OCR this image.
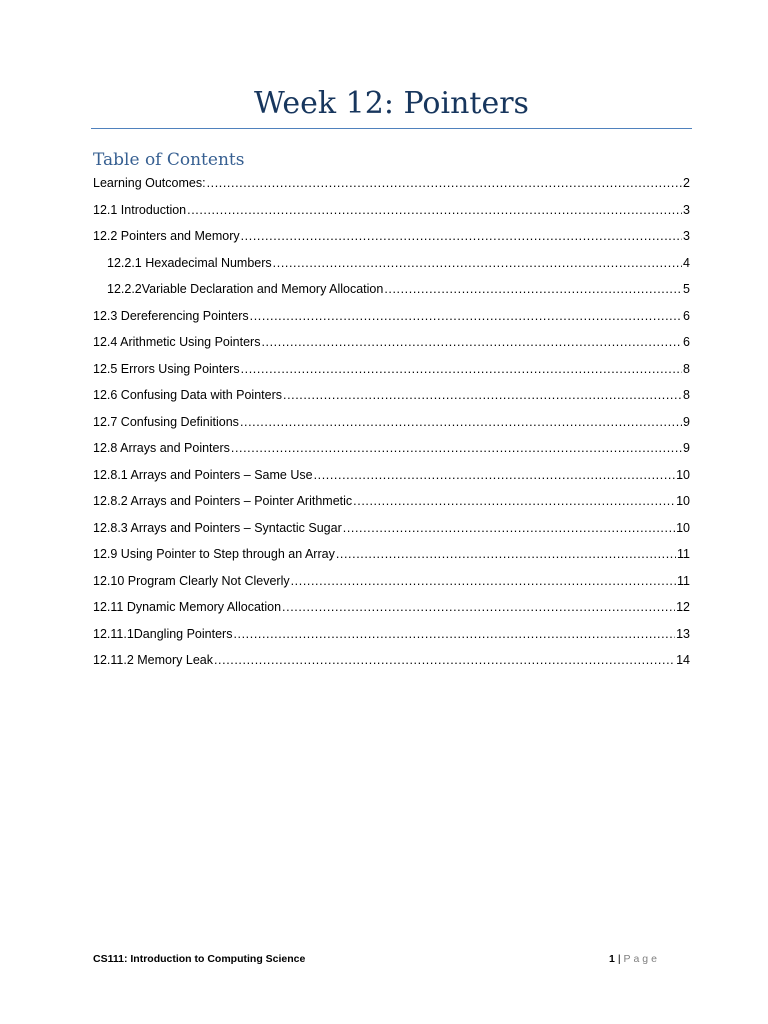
Week 12: Pointers
Table of Contents
Learning Outcomes: .....	2
12.1 Introduction .....	3
12.2 Pointers and Memory .....	3
12.2.1 Hexadecimal Numbers .....	4
12.2.2Variable Declaration and Memory Allocation .....	5
12.3 Dereferencing Pointers .....	6
12.4 Arithmetic Using Pointers .....	6
12.5 Errors Using Pointers .....	8
12.6 Confusing Data with Pointers .....	8
12.7 Confusing Definitions .....	9
12.8 Arrays and Pointers .....	9
12.8.1 Arrays and Pointers – Same Use .....	10
12.8.2 Arrays and Pointers – Pointer Arithmetic .....	10
12.8.3 Arrays and Pointers – Syntactic Sugar .....	10
12.9 Using Pointer to Step through an Array .....	11
12.10 Program Clearly Not Cleverly .....	11
12.11 Dynamic Memory Allocation .....	12
12.11.1Dangling Pointers .....	13
12.11.2 Memory Leak .....	14
CS111: Introduction to Computing Science	1 | Page
